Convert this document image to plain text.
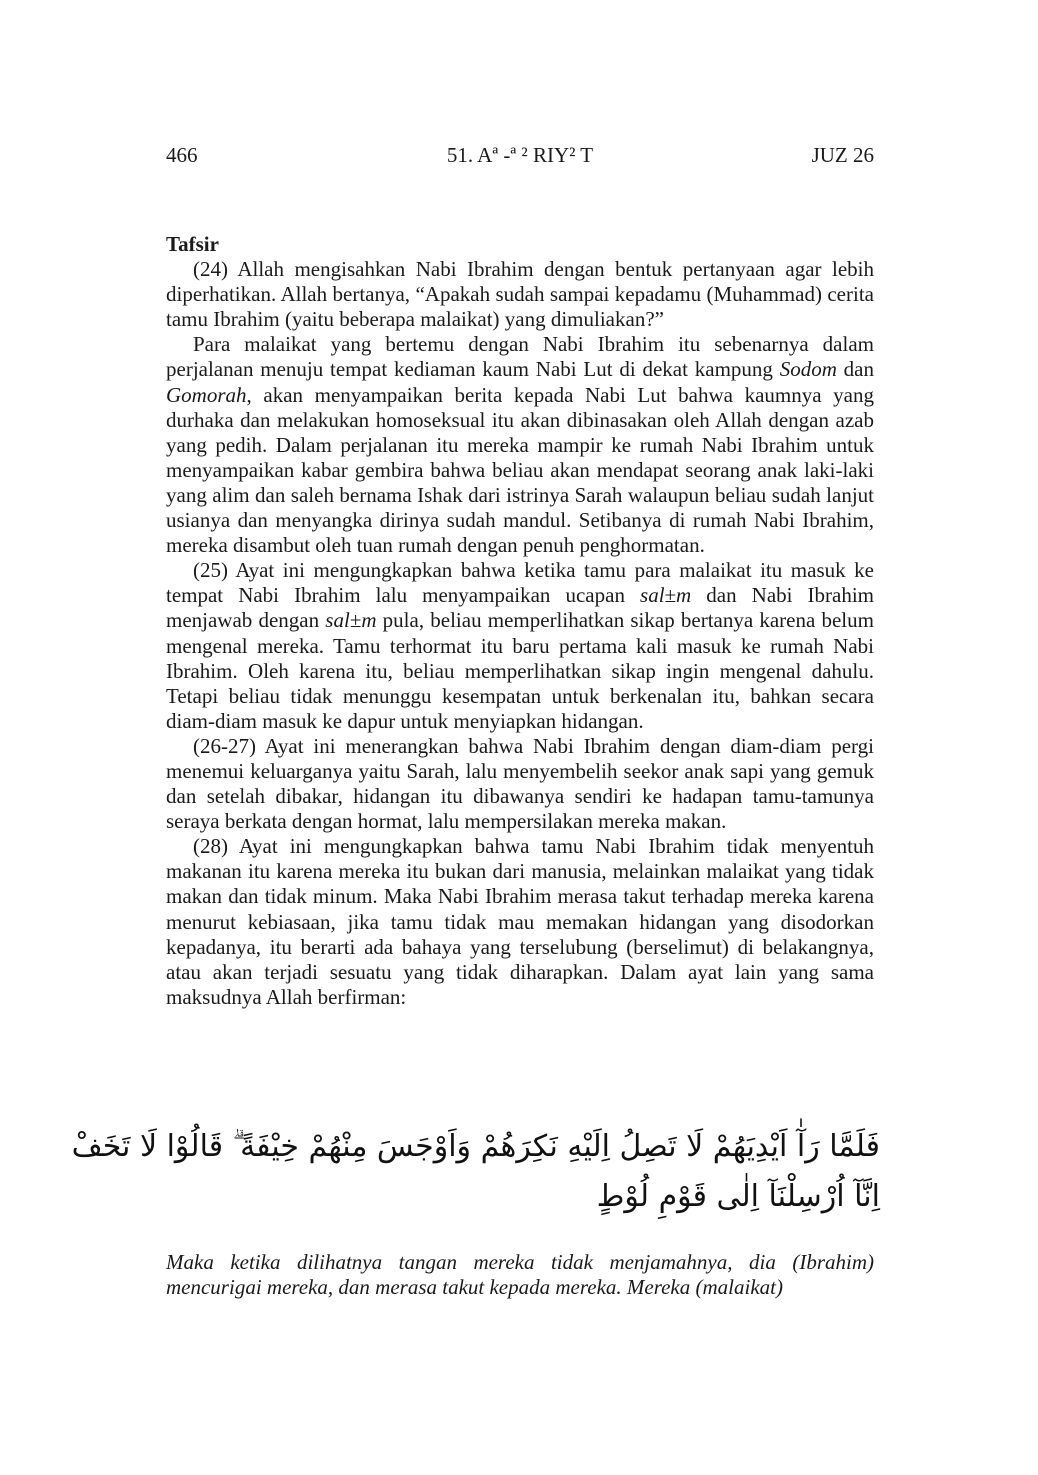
466	51. Aª -ª ² RIY² T	JUZ 26

Tafsir

(24) Allah mengisahkan Nabi Ibrahim dengan bentuk pertanyaan agar lebih diperhatikan. Allah bertanya, “Apakah sudah sampai kepadamu (Muhammad) cerita tamu Ibrahim (yaitu beberapa malaikat) yang dimuliakan?”

Para malaikat yang bertemu dengan Nabi Ibrahim itu sebenarnya dalam perjalanan menuju tempat kediaman kaum Nabi Lut di dekat kampung Sodom dan Gomorah, akan menyampaikan berita kepada Nabi Lut bahwa kaumnya yang durhaka dan melakukan homoseksual itu akan dibinasakan oleh Allah dengan azab yang pedih. Dalam perjalanan itu mereka mampir ke rumah Nabi Ibrahim untuk menyampaikan kabar gembira bahwa beliau akan mendapat seorang anak laki-laki yang alim dan saleh bernama Ishak dari istrinya Sarah walaupun beliau sudah lanjut usianya dan menyangka dirinya sudah mandul. Setibanya di rumah Nabi Ibrahim, mereka disambut oleh tuan rumah dengan penuh penghormatan.

(25) Ayat ini mengungkapkan bahwa ketika tamu para malaikat itu masuk ke tempat Nabi Ibrahim lalu menyampaikan ucapan sal±m dan Nabi Ibrahim menjawab dengan sal±m pula, beliau memperlihatkan sikap bertanya karena belum mengenal mereka. Tamu terhormat itu baru pertama kali masuk ke rumah Nabi Ibrahim. Oleh karena itu, beliau memperlihatkan sikap ingin mengenal dahulu. Tetapi beliau tidak menunggu kesempatan untuk berkenalan itu, bahkan secara diam-diam masuk ke dapur untuk menyiapkan hidangan.

(26-27) Ayat ini menerangkan bahwa Nabi Ibrahim dengan diam-diam pergi menemui keluarganya yaitu Sarah, lalu menyembelih seekor anak sapi yang gemuk dan setelah dibakar, hidangan itu dibawanya sendiri ke hadapan tamu-tamunya seraya berkata dengan hormat, lalu mempersilakan mereka makan.

(28) Ayat ini mengungkapkan bahwa tamu Nabi Ibrahim tidak menyentuh makanan itu karena mereka itu bukan dari manusia, melainkan malaikat yang tidak makan dan tidak minum. Maka Nabi Ibrahim merasa takut terhadap mereka karena menurut kebiasaan, jika tamu tidak mau memakan hidangan yang disodorkan kepadanya, itu berarti ada bahaya yang terselubung (berselimut) di belakangnya, atau akan terjadi sesuatu yang tidak diharapkan. Dalam ayat lain yang sama maksudnya Allah berfirman:

فَلَمَّا رَآٰ اَيْدِيَهُمْ لَا تَصِلُ اِلَيْهِ نَكِرَهُمْ وَاَوْجَسَ مِنْهُمْ خِيْفَةً ۗ قَالُوْا لَا تَخَفْ
اِنَّآ اُرْسِلْنَآ اِلٰى قَوْمِ لُوْطٍ

Maka ketika dilihatnya tangan mereka tidak menjamahnya, dia (Ibrahim) mencurigai mereka, dan merasa takut kepada mereka. Mereka (malaikat)
